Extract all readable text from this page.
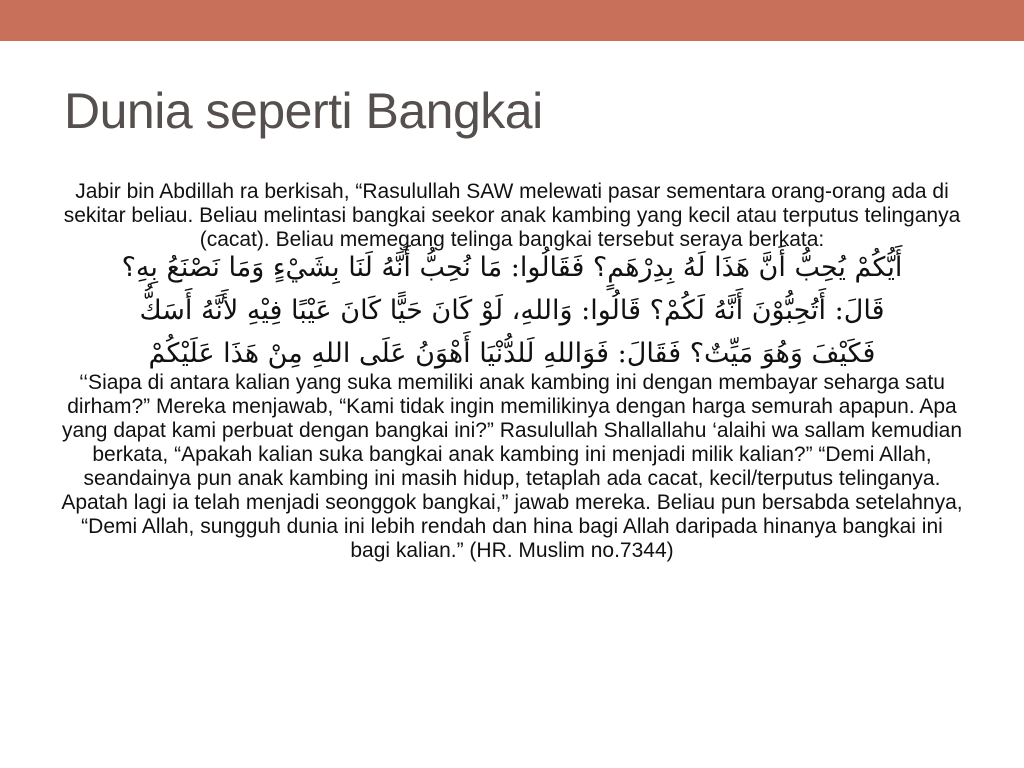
Dunia seperti Bangkai

Jabir bin Abdillah ra berkisah, “Rasulullah SAW melewati pasar sementara orang-orang ada di sekitar beliau. Beliau melintasi bangkai seekor anak kambing yang kecil atau terputus telinganya (cacat). Beliau memegang telinga bangkai tersebut seraya berkata:

أَيُّكُمْ يُحِبُّ أَنَّ هَذَا لَهُ بِدِرْهَمٍ؟ فَقَالُوا: مَا نُحِبُّ أَنَّهُ لَنَا بِشَيْءٍ وَمَا نَصْنَعُ بِهِ؟
قَالَ: أَتُحِبُّوْنَ أَنَّهُ لَكُمْ؟ قَالُوا: وَاللهِ، لَوْ كَانَ حَيًّا كَانَ عَيْبًا فِيْهِ لأَنَّهُ أَسَكُّ
فَكَيْفَ وَهُوَ مَيِّتٌ؟ فَقَالَ: فَوَاللهِ لَلدُّنْيَا أَهْوَنُ عَلَى اللهِ مِنْ هَذَا عَلَيْكُمْ

‘‘Siapa di antara kalian yang suka memiliki anak kambing ini dengan membayar seharga satu dirham?” Mereka menjawab, “Kami tidak ingin memilikinya dengan harga semurah apapun. Apa yang dapat kami perbuat dengan bangkai ini?” Rasulullah Shallallahu ‘alaihi wa sallam kemudian berkata, “Apakah kalian suka bangkai anak kambing ini menjadi milik kalian?” “Demi Allah, seandainya pun anak kambing ini masih hidup, tetaplah ada cacat, kecil/terputus telinganya. Apatah lagi ia telah menjadi seonggok bangkai,” jawab mereka. Beliau pun bersabda setelahnya, “Demi Allah, sungguh dunia ini lebih rendah dan hina bagi Allah daripada hinanya bangkai ini bagi kalian.” (HR. Muslim no.7344)
